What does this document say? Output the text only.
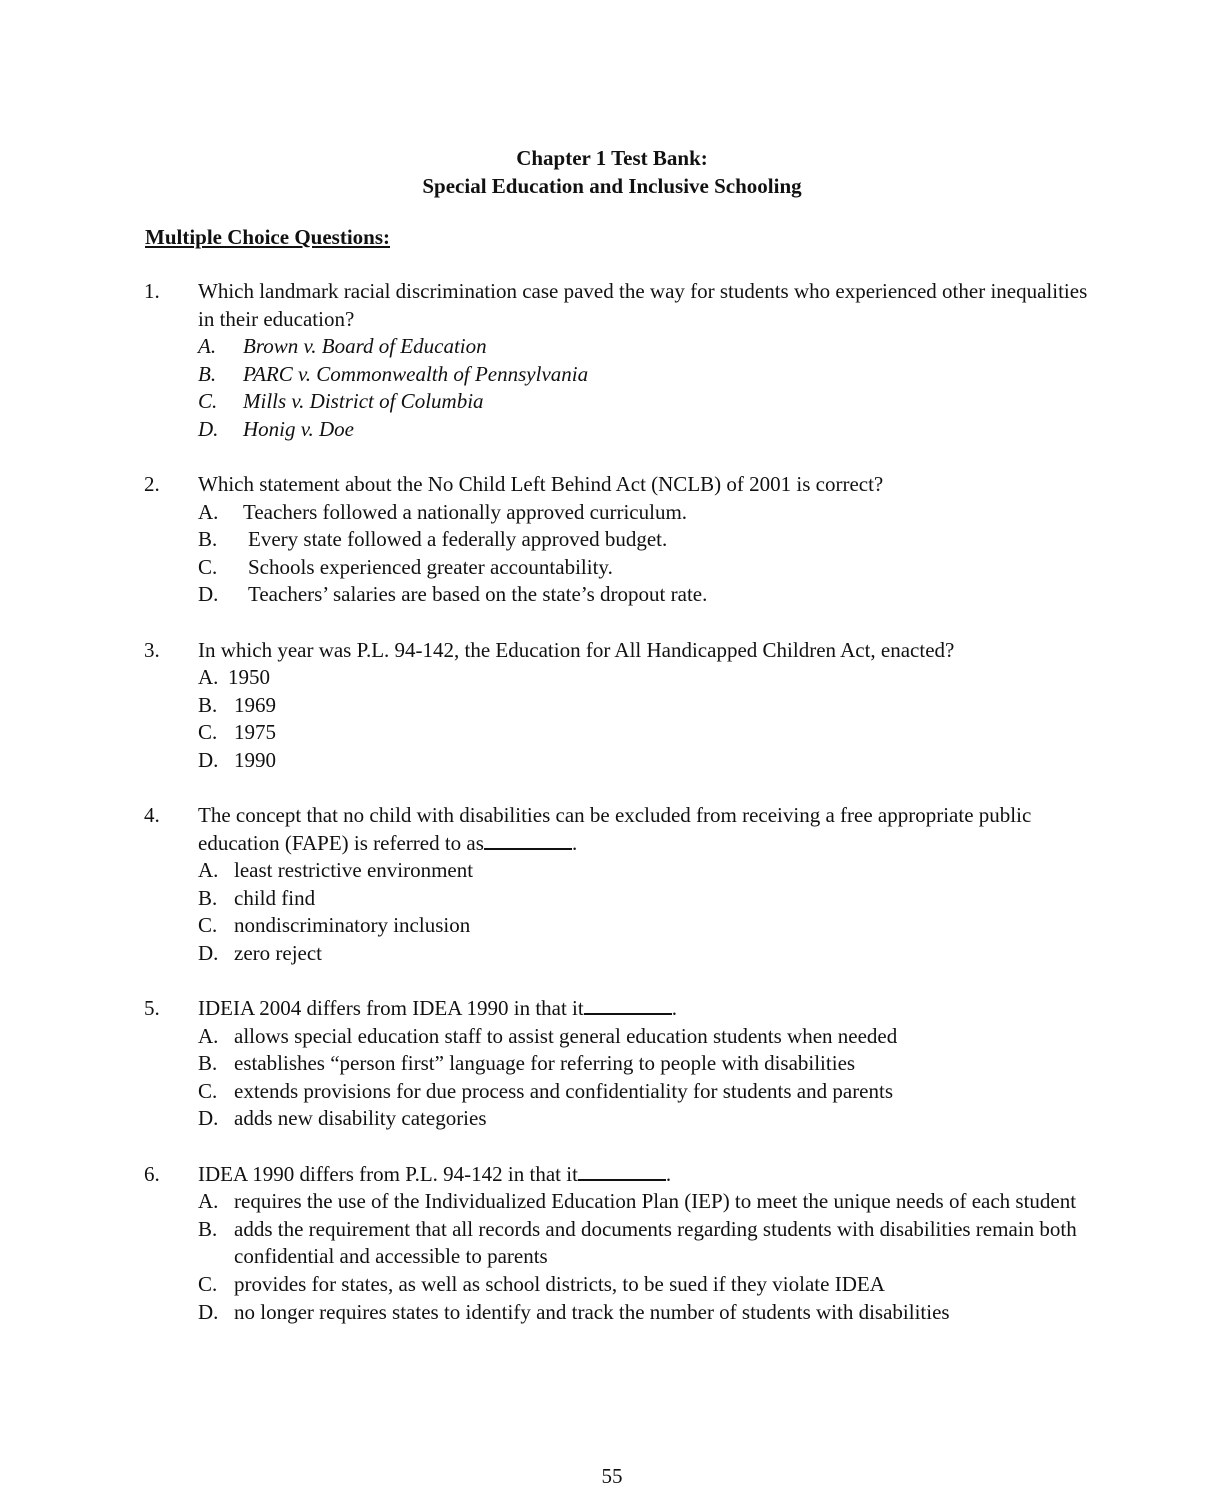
Chapter 1 Test Bank:
Special Education and Inclusive Schooling
Multiple Choice Questions:
1. Which landmark racial discrimination case paved the way for students who experienced other inequalities in their education?
A.	Brown v. Board of Education
B.	PARC v. Commonwealth of Pennsylvania
C.	Mills v. District of Columbia
D.	Honig v. Doe
2. Which statement about the No Child Left Behind Act (NCLB) of 2001 is correct?
A.	Teachers followed a nationally approved curriculum.
B.	Every state followed a federally approved budget.
C.	Schools experienced greater accountability.
D.	Teachers’ salaries are based on the state’s dropout rate.
3. In which year was P.L. 94-142, the Education for All Handicapped Children Act, enacted?
A. 1950
B. 1969
C. 1975
D. 1990
4. The concept that no child with disabilities can be excluded from receiving a free appropriate public education (FAPE) is referred to as	.
A. least restrictive environment
B. child find
C. nondiscriminatory inclusion
D. zero reject
5. IDEIA 2004 differs from IDEA 1990 in that it	.
A. allows special education staff to assist general education students when needed
B. establishes “person first” language for referring to people with disabilities
C. extends provisions for due process and confidentiality for students and parents
D. adds new disability categories
6. IDEA 1990 differs from P.L. 94-142 in that it	.
A. requires the use of the Individualized Education Plan (IEP) to meet the unique needs of each student
B. adds the requirement that all records and documents regarding students with disabilities remain both confidential and accessible to parents
C. provides for states, as well as school districts, to be sued if they violate IDEA
D. no longer requires states to identify and track the number of students with disabilities
55
